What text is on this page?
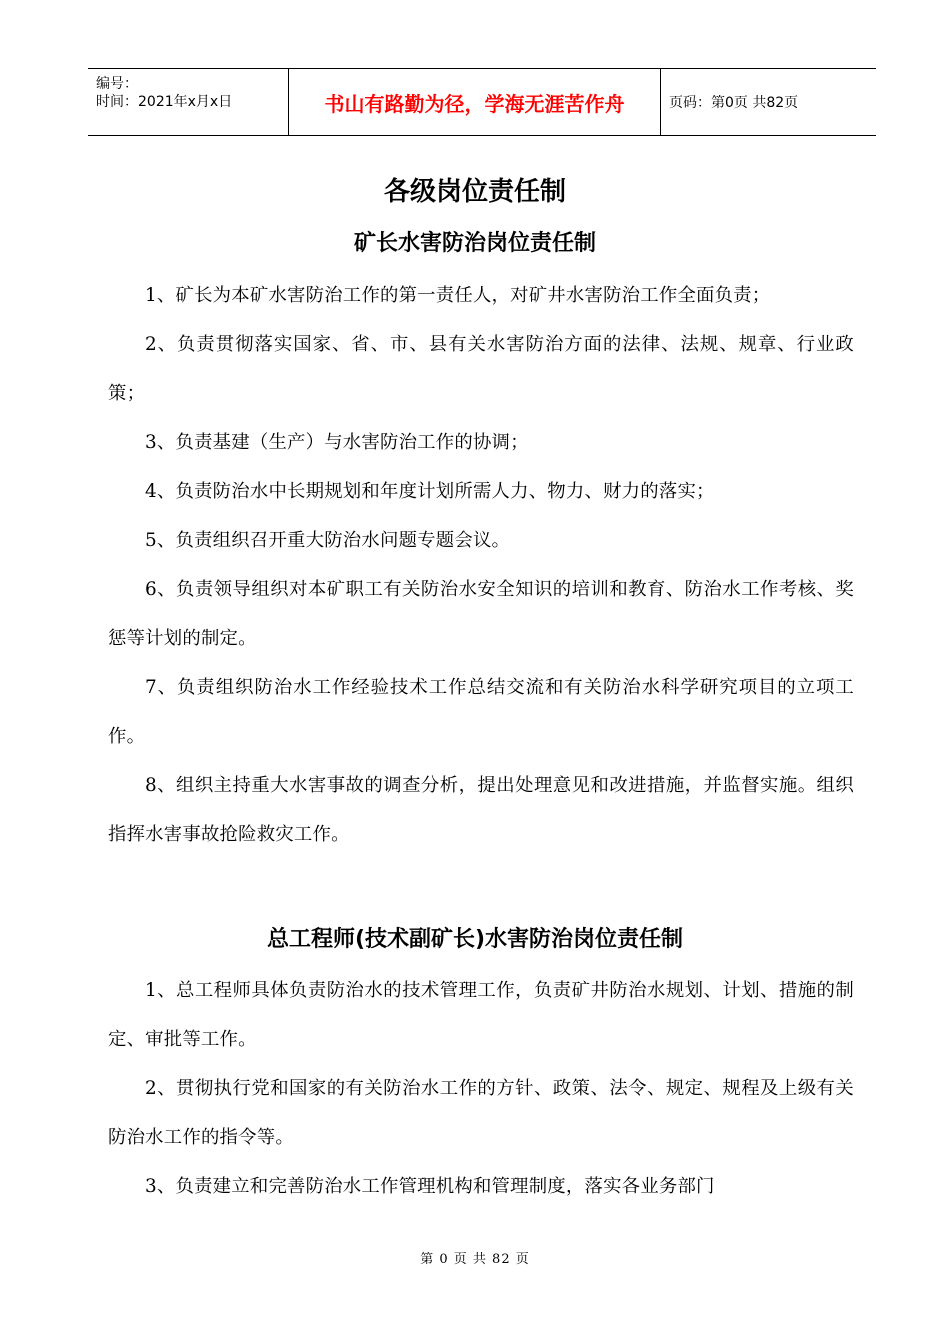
编号：
时间：2021年x月x日	书山有路勤为径，学海无涯苦作舟	页码：第0页 共82页
各级岗位责任制
矿长水害防治岗位责任制
1、矿长为本矿水害防治工作的第一责任人，对矿井水害防治工作全面负责；
2、负责贯彻落实国家、省、市、县有关水害防治方面的法律、法规、规章、行业政策；
3、负责基建（生产）与水害防治工作的协调；
4、负责防治水中长期规划和年度计划所需人力、物力、财力的落实；
5、负责组织召开重大防治水问题专题会议。
6、负责领导组织对本矿职工有关防治水安全知识的培训和教育、防治水工作考核、奖惩等计划的制定。
7、负责组织防治水工作经验技术工作总结交流和有关防治水科学研究项目的立项工作。
8、组织主持重大水害事故的调查分析，提出处理意见和改进措施，并监督实施。组织指挥水害事故抢险救灾工作。
总工程师(技术副矿长)水害防治岗位责任制
1、总工程师具体负责防治水的技术管理工作，负责矿井防治水规划、计划、措施的制定、审批等工作。
2、贯彻执行党和国家的有关防治水工作的方针、政策、法令、规定、规程及上级有关防治水工作的指令等。
3、负责建立和完善防治水工作管理机构和管理制度，落实各业务部门
第 0 页 共 82 页
